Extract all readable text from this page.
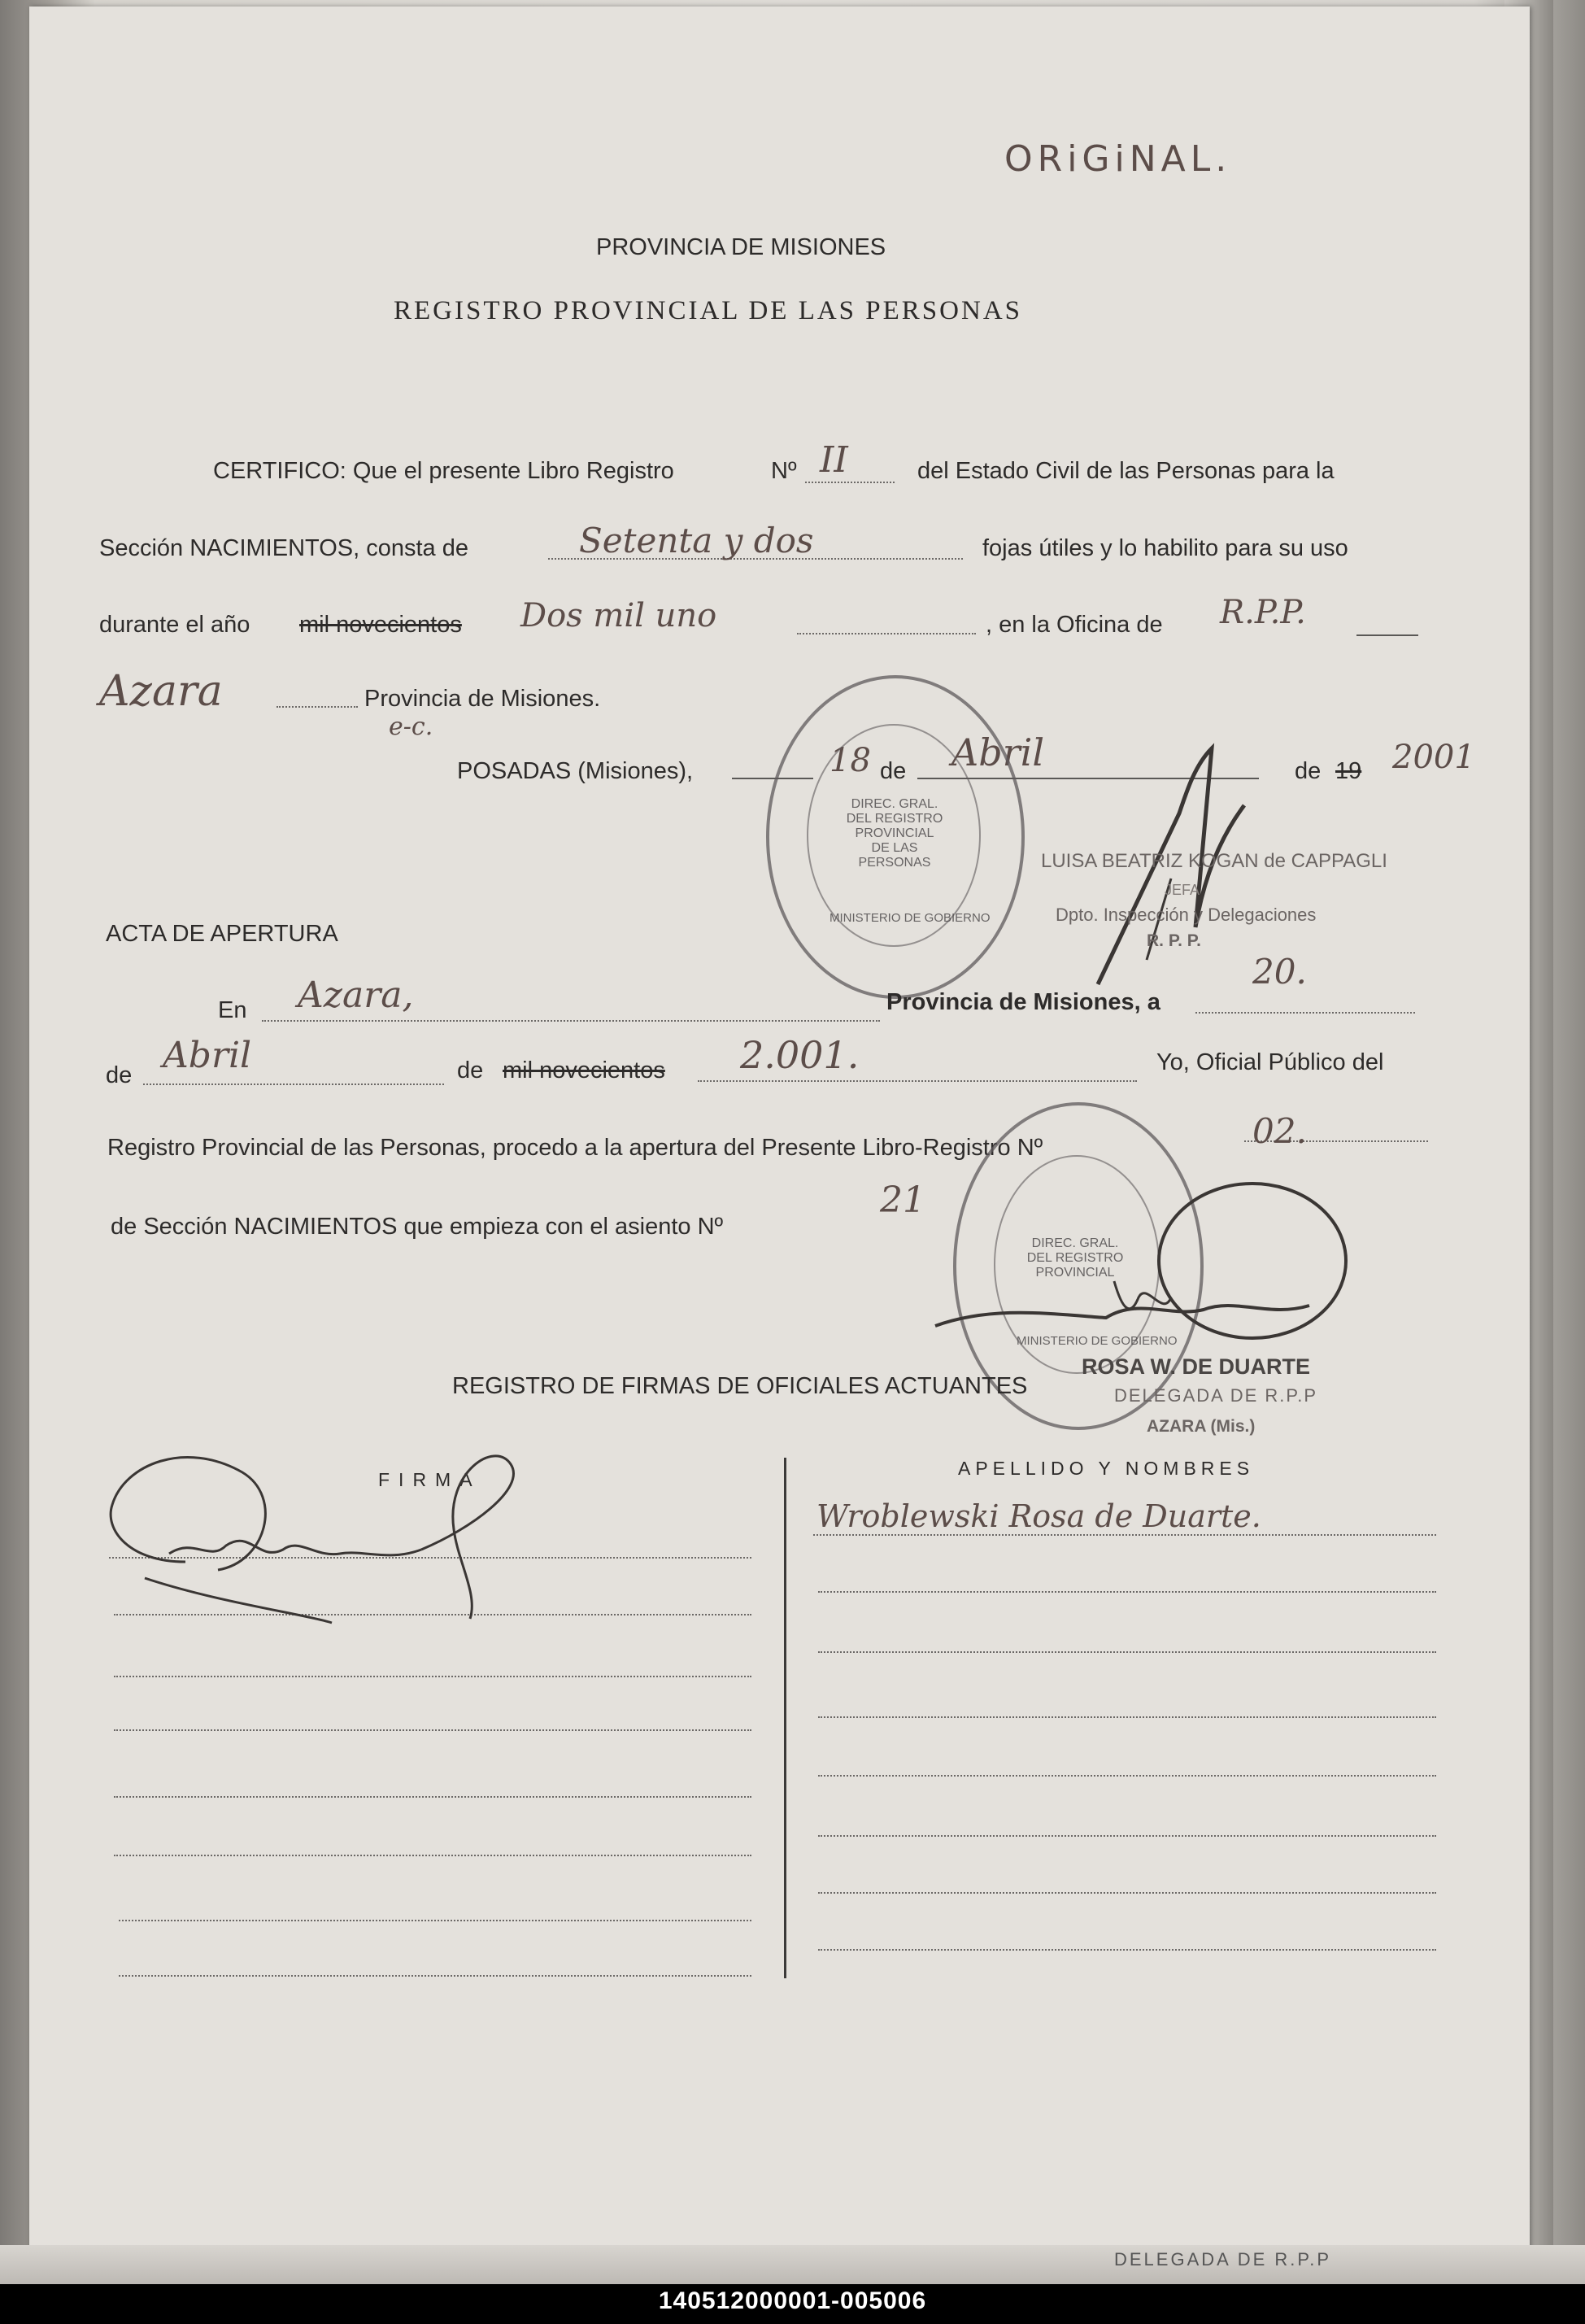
ORiGiNAL.
PROVINCIA DE MISIONES
REGISTRO PROVINCIAL DE LAS PERSONAS
CERTIFICO: Que el presente Libro Registro	Nº II	del Estado Civil de las Personas para la
Sección NACIMIENTOS, consta de	Setenta y dos	fojas útiles y lo habilito para su uso
durante el año mil novecientos Dos mil uno	, en la Oficina de R.P.P.
Azara	Provincia de Misiones.
e-c.
POSADAS (Misiones),	18 de Abril	de 19 2001
DIREC. GRAL. DEL REGISTRO PROVINCIAL DE LAS PERSONAS
MINISTERIO DE GOBIERNO
LUISA BEATRIZ KOGAN de CAPPAGLI
JEFA
Dpto. Inspección y Delegaciones
R. P. P.
ACTA DE APERTURA
En Azara,	Provincia de Misiones, a
20.
de Abril	de mil novecientos 2.001.	Yo, Oficial Público del
Registro Provincial de las Personas, procedo a la apertura del Presente Libro-Registro Nº	02.
de Sección NACIMIENTOS que empieza con el asiento Nº
21
DIREC. GRAL. DEL REGISTRO PROVINCIAL
MINISTERIO DE GOBIERNO
ROSA W. DE DUARTE
DELEGADA DE R.P.P
AZARA (Mis.)
REGISTRO DE FIRMAS DE OFICIALES ACTUANTES
FIRMA
APELLIDO Y NOMBRES
Wroblewski Rosa de Duarte.
DELEGADA DE R.P.P
140512000001-005006
